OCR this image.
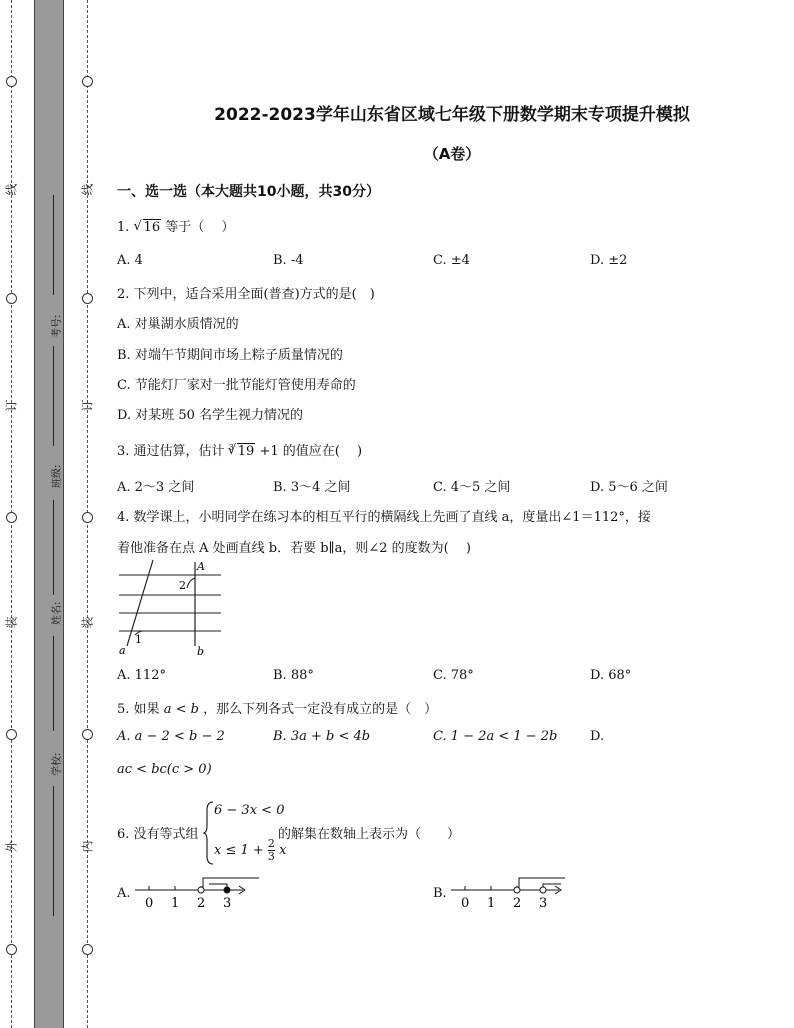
线
订
装
外
线
订
装
内
考号:
班级:
姓名:
学校:
2022-2023学年山东省区域七年级下册数学期末专项提升模拟
（A卷）
一、选一选（本大题共10小题，共30分）
1. √ 16 等于（　 ）
A. 4	B. -4	C. ±4	D. ±2
2. 下列中，适合采用全面(普查)方式的是(　)
A. 对巢湖水质情况的
B. 对端午节期间市场上粽子质量情况的
C. 节能灯厂家对一批节能灯管使用寿命的
D. 对某班 50 名学生视力情况的
3. 通过估算，估计 $^3$ √ 19 +1 的值应在(　 )
A. 2～3 之间	B. 3～4 之间	C. 4～5 之间	D. 5～6 之间
4. 数学课上，小明同学在练习本的相互平行的横隔线上先画了直线 a，度量出∠1＝112°，接
着他准备在点 A 处画直线 b．若要 b∥a，则∠2 的度数为(　 )
a	b
A
1
2
A. 112°	B. 88°	C. 78°	D. 68°
5. 如果 a < b ，那么下列各式一定没有成立的是（　）
A. a − 2 < b − 2	B. 3a + b < 4b	C. 1 − 2a < 1 − 2b	D.
ac < bc(c > 0)
6. 没有等式组
6 − 3x < 0
$x \le 1 + \frac{2}{3}$ x
的解集在数轴上表示为（　　）
A.
0 1 2 3
B.
0 1 2 3
